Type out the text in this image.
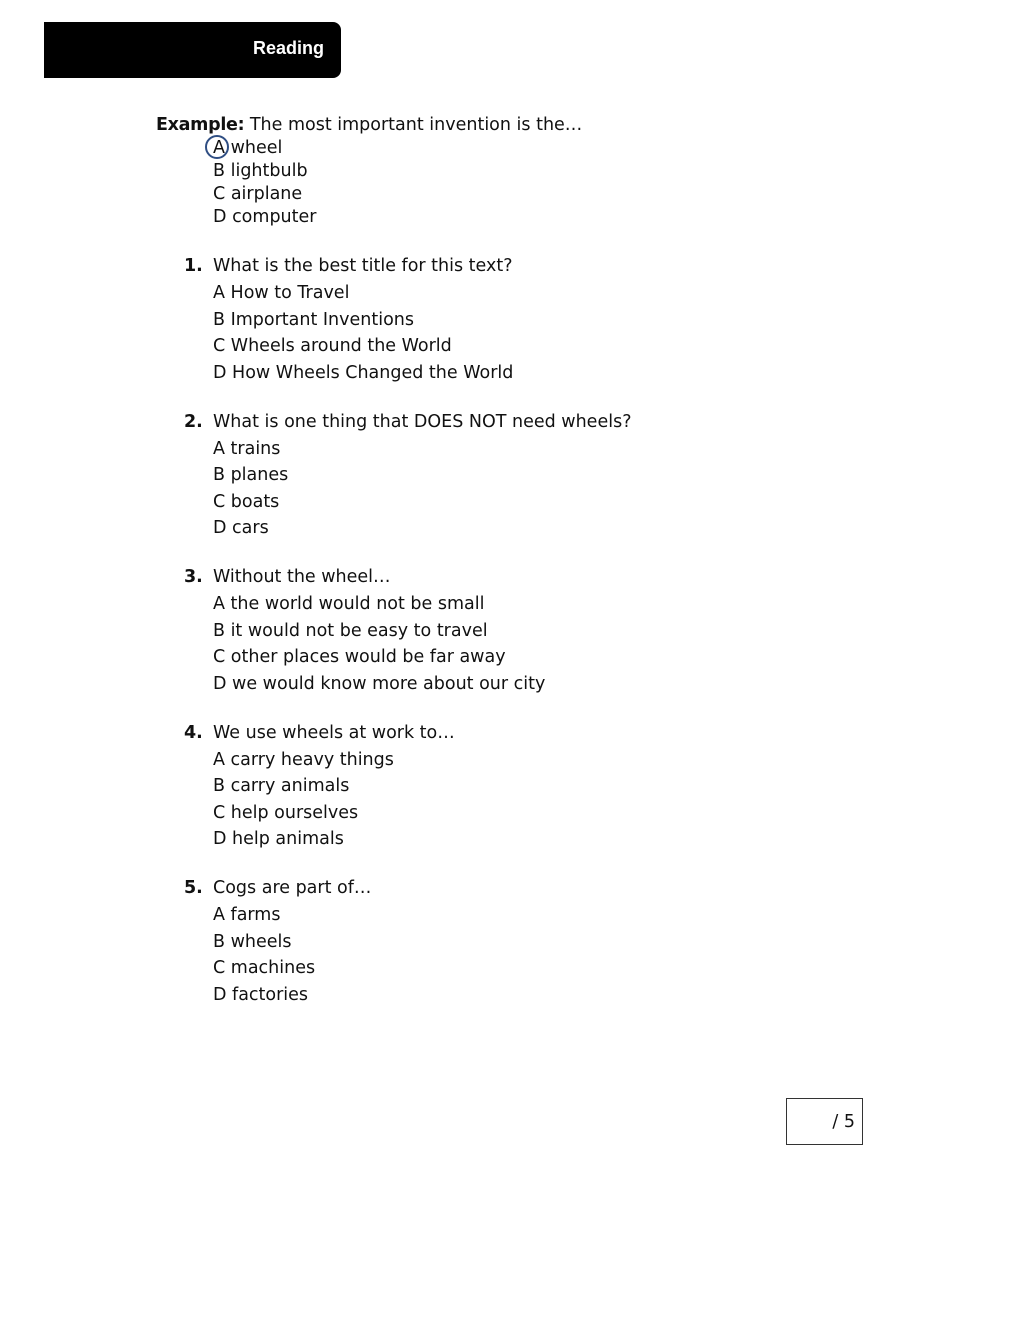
Reading
Example: The most important invention is the…
A wheel
B lightbulb
C airplane
D computer
1. What is the best title for this text?
A How to Travel
B Important Inventions
C Wheels around the World
D How Wheels Changed the World
2. What is one thing that DOES NOT need wheels?
A trains
B planes
C boats
D cars
3. Without the wheel…
A the world would not be small
B it would not be easy to travel
C other places would be far away
D we would know more about our city
4. We use wheels at work to…
A carry heavy things
B carry animals
C help ourselves
D help animals
5. Cogs are part of…
A farms
B wheels
C machines
D factories
/ 5
